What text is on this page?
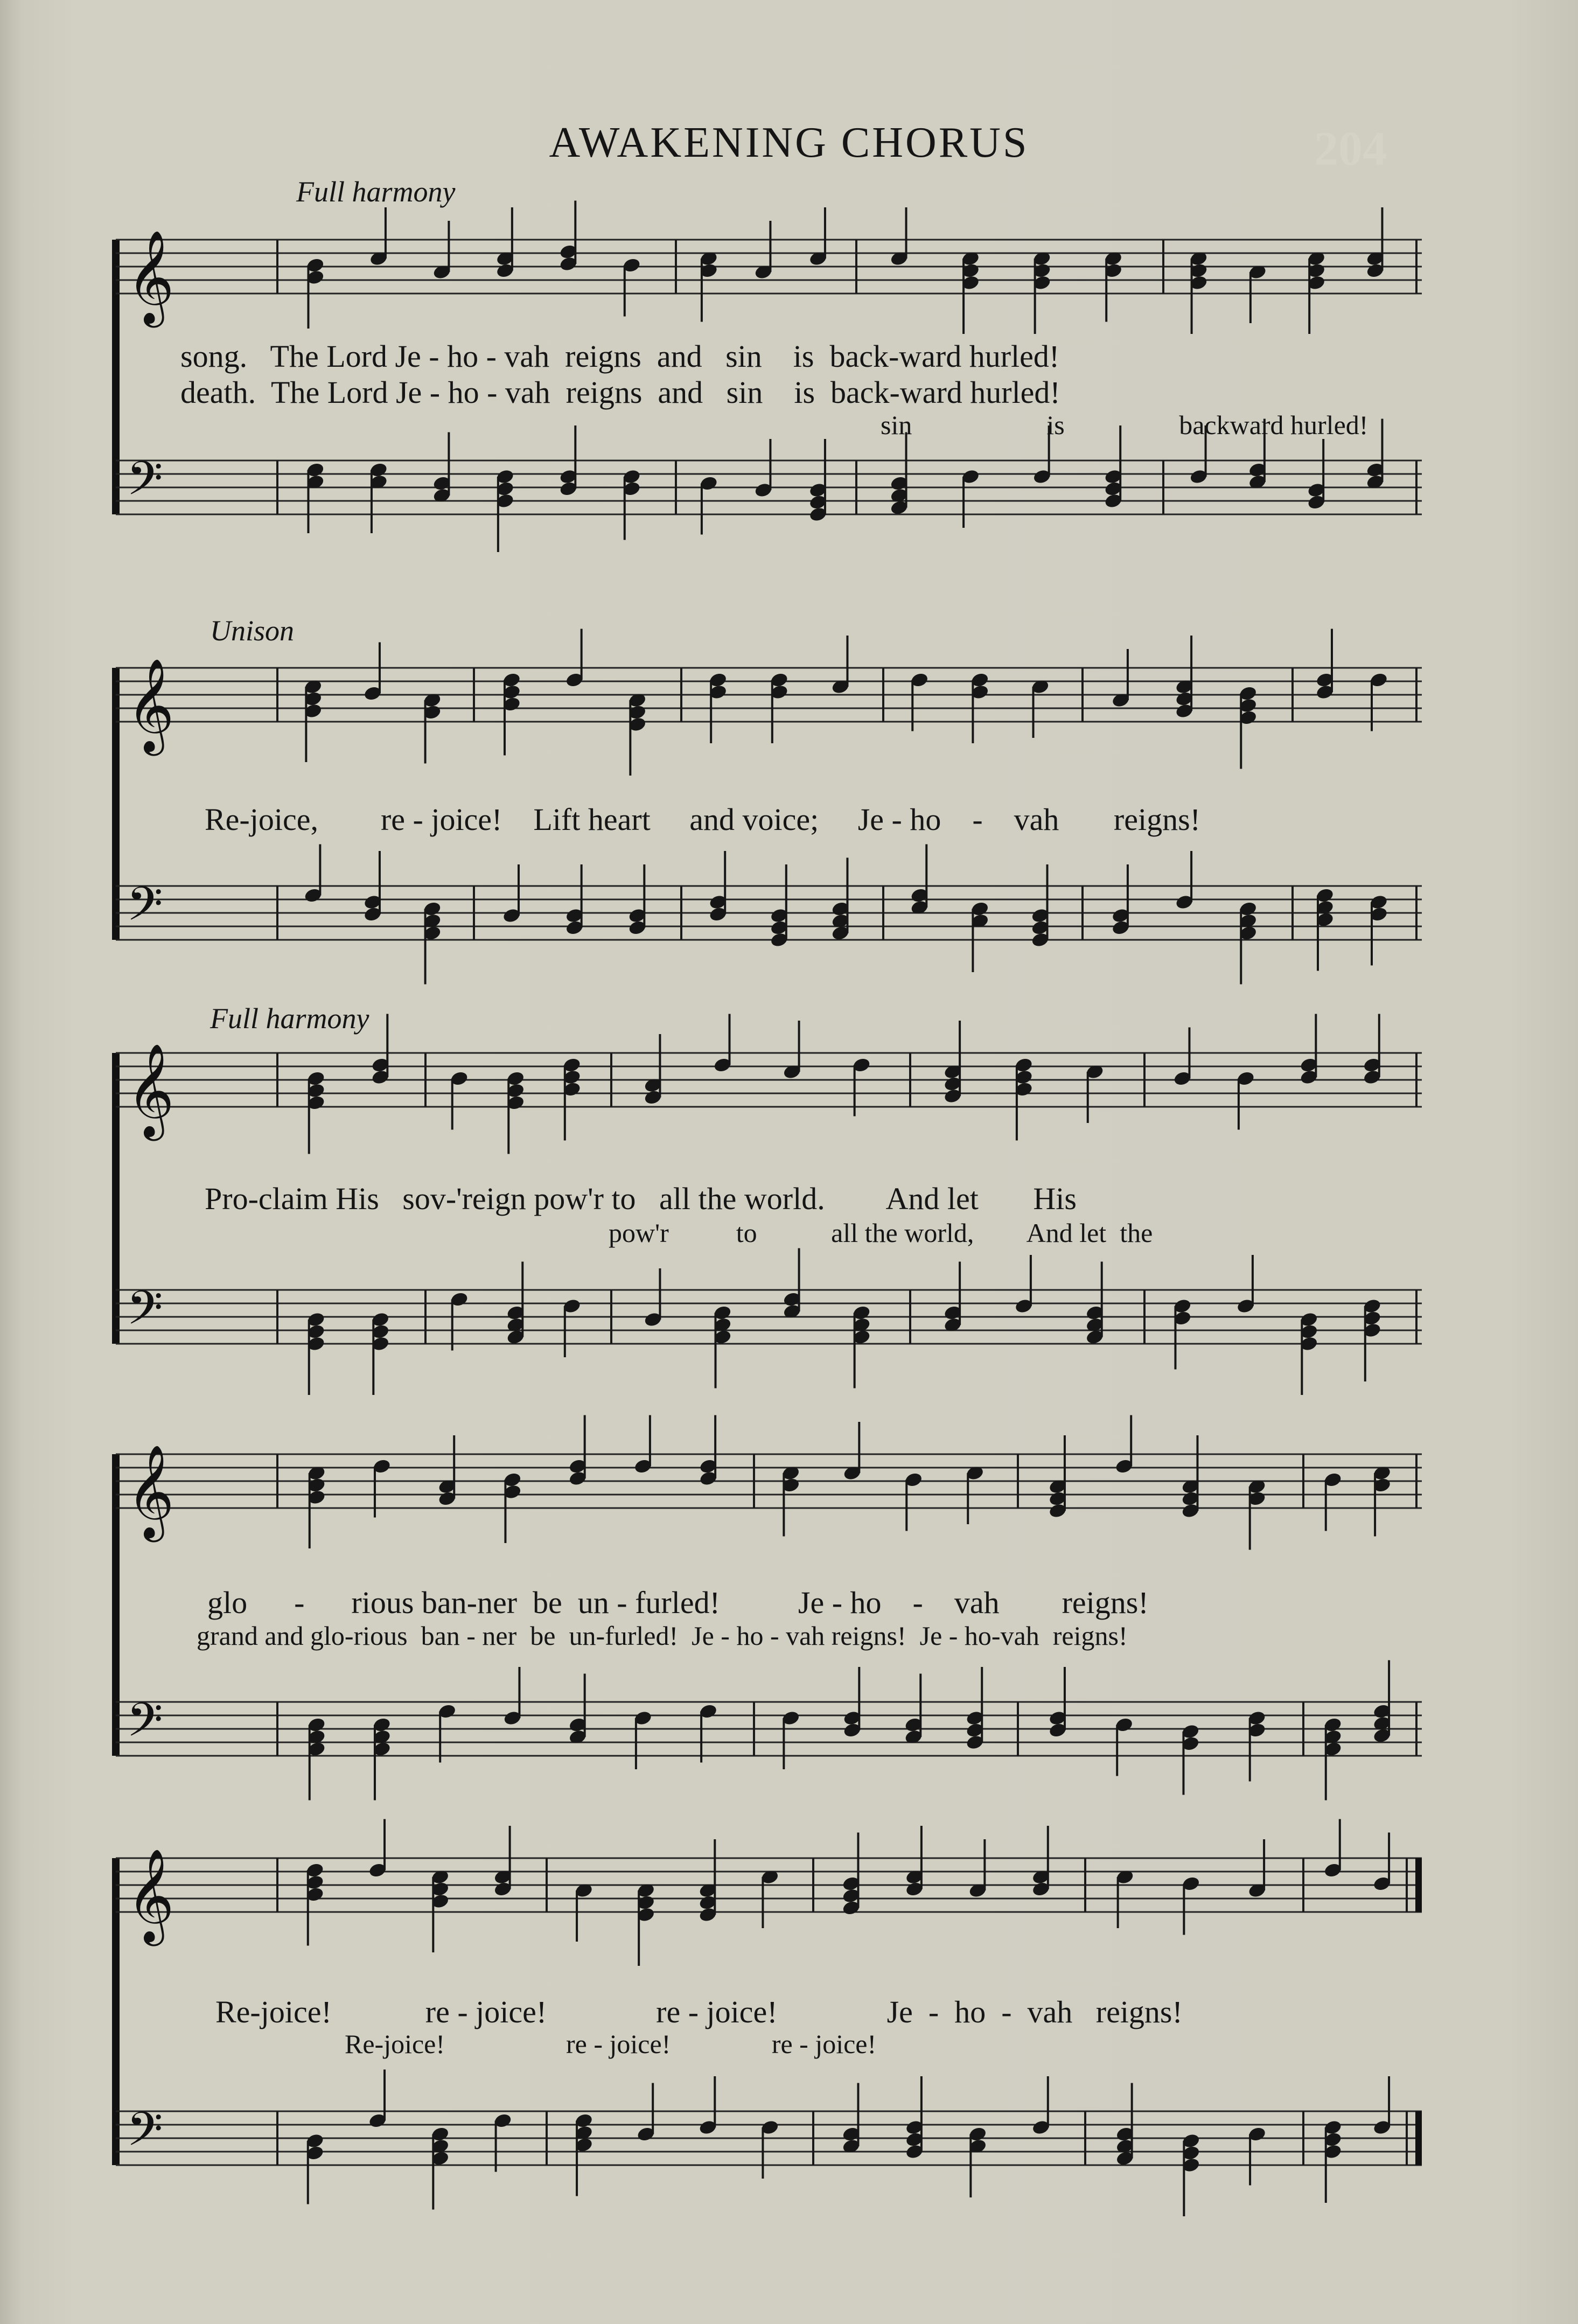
AWAKENING CHORUS	204
Full harmony
Unison
Full harmony
song.   The Lord Je - ho - vah  reigns  and   sin    is  back-ward hurled!
death.  The Lord Je - ho - vah  reigns  and   sin    is  back-ward hurled!
sin                    is                 backward hurled!
Re-joice,        re - joice!    Lift heart     and voice;     Je - ho    -    vah       reigns!
Pro-claim His   sov-'reign pow'r to   all the world.        And let       His
pow'r          to           all the world,        And let  the
glo      -      rious ban-ner  be  un - furled!          Je - ho    -    vah        reigns!
grand and glo-rious  ban - ner  be  un-furled!  Je - ho - vah reigns!  Je - ho-vah  reigns!
Re-joice!            re - joice!              re - joice!              Je  -  ho  -  vah   reigns!
Re-joice!                  re - joice!               re - joice!
𝄞
𝄢
𝄞
𝄢
𝄞
𝄢
𝄞
𝄢
𝄞
𝄢
